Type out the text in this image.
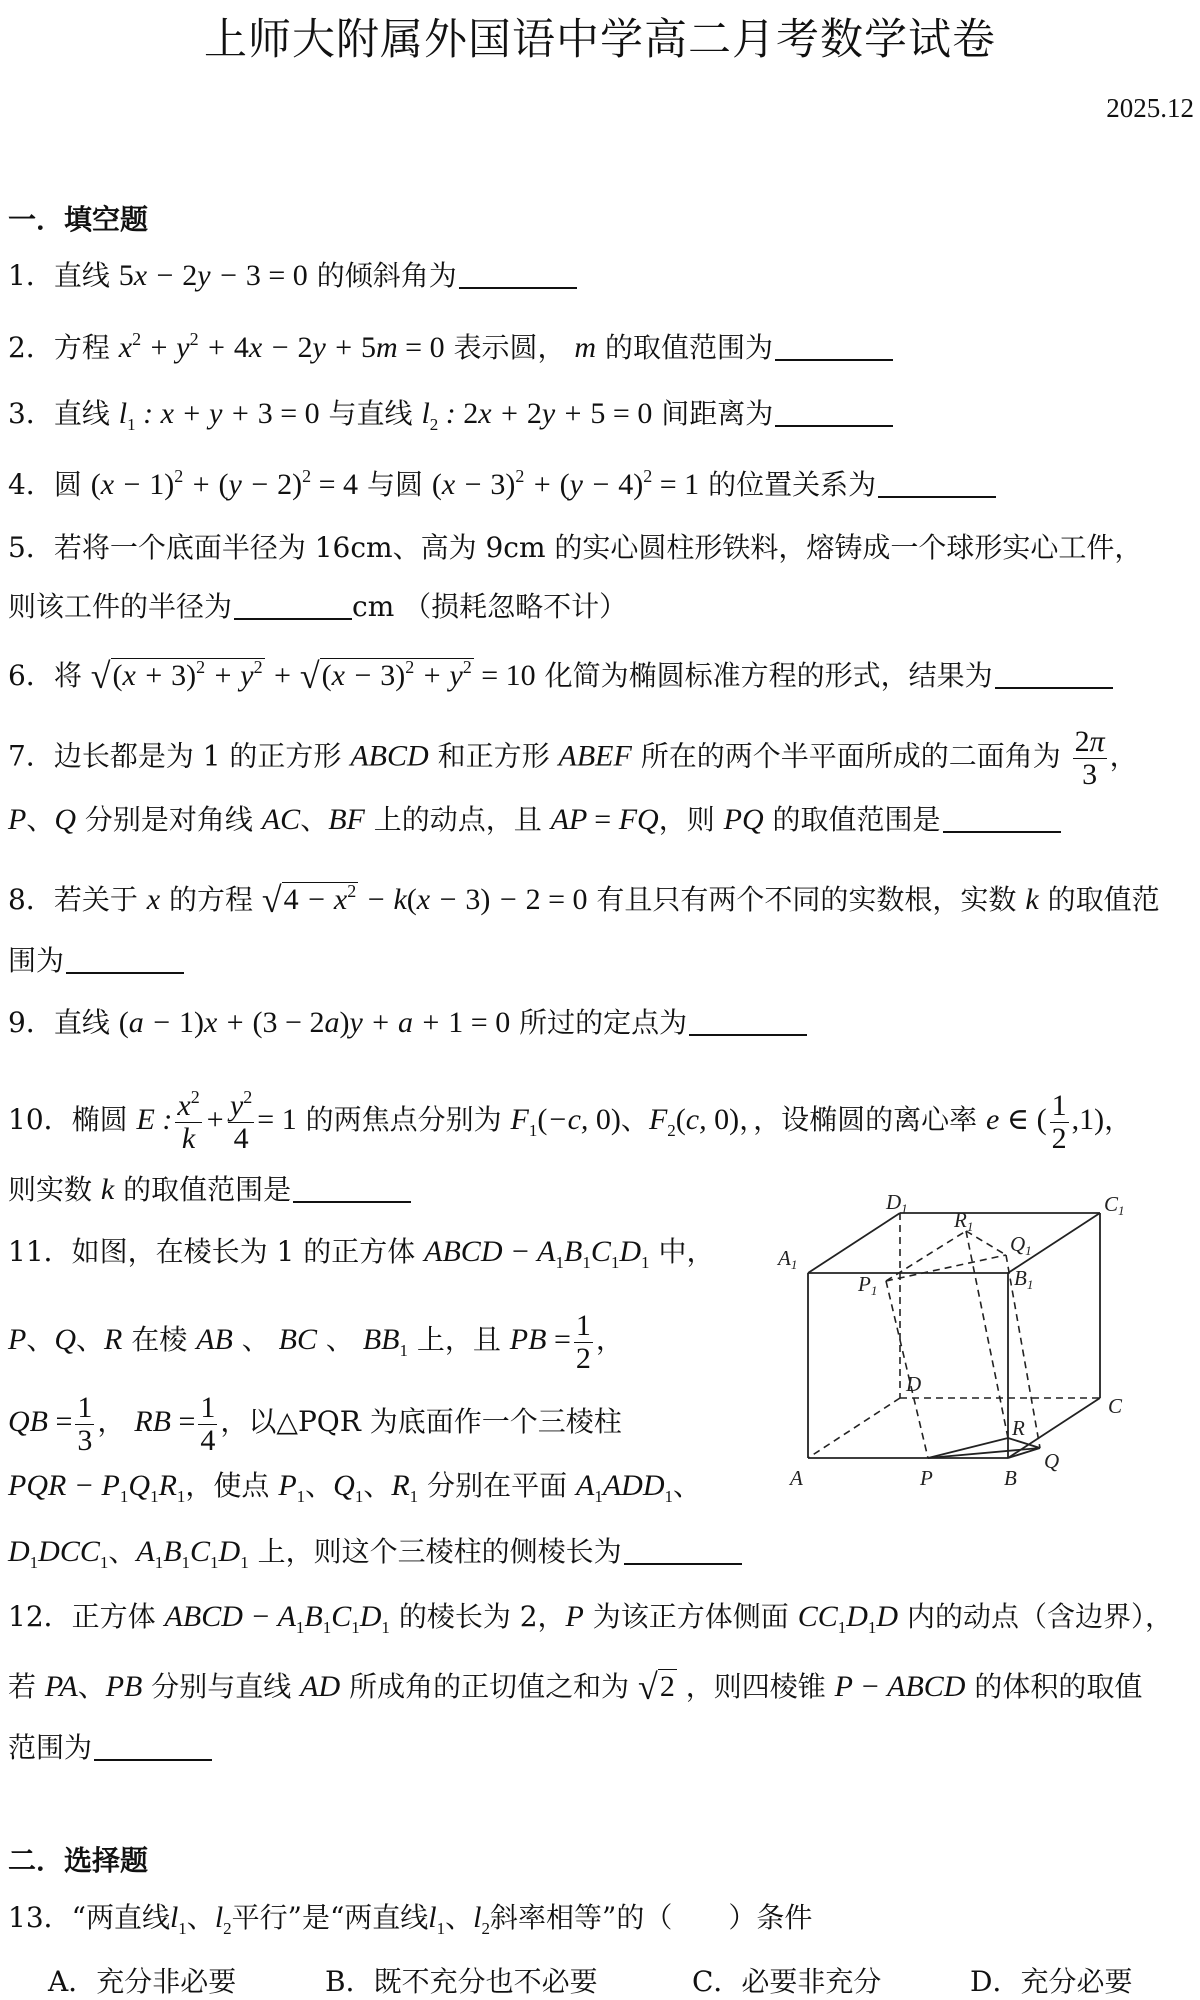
上师大附属外国语中学高二月考数学试卷
2025.12
一．填空题
1．直线 5x − 2y − 3 = 0 的倾斜角为
2．方程 $x^2 + y^2 + 4x - 2y + 5m = 0$ 表示圆， m 的取值范围为
3．直线 $l_1$ : x + y + 3 = 0 与直线 $l_2$ : 2x + 2y + 5 = 0 间距离为
4．圆 $(x - 1)^2 + (y - 2)^2 = 4$ 与圆 $(x - 3)^2 + (y - 4)^2 = 1$ 的位置关系为
5．若将一个底面半径为 16cm、高为 9cm 的实心圆柱形铁料，熔铸成一个球形实心工件，
则该工件的半径为	cm （损耗忽略不计）
6．将 $√(x + 3)^2 + y^2 + √(x - 3)^2 + y^2 = 10$ 化简为椭圆标准方程的形式，结果为
7．边长都是为 1 的正方形 ABCD 和正方形 ABEF 所在的两个半平面所成的二面角为 $\frac{2\pi}{3}$ ，
P、Q 分别是对角线 AC、BF 上的动点，且 AP = FQ，则 PQ 的取值范围是
8．若关于 x 的方程 $√4 - x^2 - k(x - 3) - 2 = 0$ 有且只有两个不同的实数根，实数 k 的取值范
围为
9．直线 (a − 1)x + (3 − 2a)y + a + 1 = 0 所过的定点为
10．椭圆 E : $\frac{x^2}{k} + \frac{y^2}{4} = 1$ 的两焦点分别为 $F_1(-c$, 0)、$F_2(c$, 0)，，设椭圆的离心率 e ∈ ( $\frac{1}{2} ,1$)，
则实数 k 的取值范围是
11．如图，在棱长为 1 的正方体 ABCD − $A_1B_1C_1D_1$ 中，
P、Q、R 在棱 AB 、 BC 、 $BB_1$ 上，且 PB = $\frac{1}{2}$ ，
QB = $\frac{1}{3}$ ， RB = $\frac{1}{4}$ ，以△PQR 为底面作一个三棱柱
PQR − $P_1Q_1R_1$，使点 $P_1$、$Q_1$、$R_1$ 分别在平面 $A_1ADD_1$、
$D_1DCC_1$、$A_1B_1C_1D_1$ 上，则这个三棱柱的侧棱长为
D1	C1
A1
B1
R1
Q1
P1
D
C
A	B
P
Q
R
12．正方体 ABCD − $A_1B_1C_1D_1$ 的棱长为 2，P 为该正方体侧面 $CC_1D_1D$ 内的动点（含边界），
若 PA、PB 分别与直线 AD 所成角的正切值之和为 √2 ，则四棱锥 P − ABCD 的体积的取值
范围为
二．选择题
13．“两直线$l_1$、$l_2$平行”是“两直线$l_1$、$l_2$斜率相等”的（　　）条件
A．充分非必要	B．既不充分也不必要	C．必要非充分	D．充分必要
